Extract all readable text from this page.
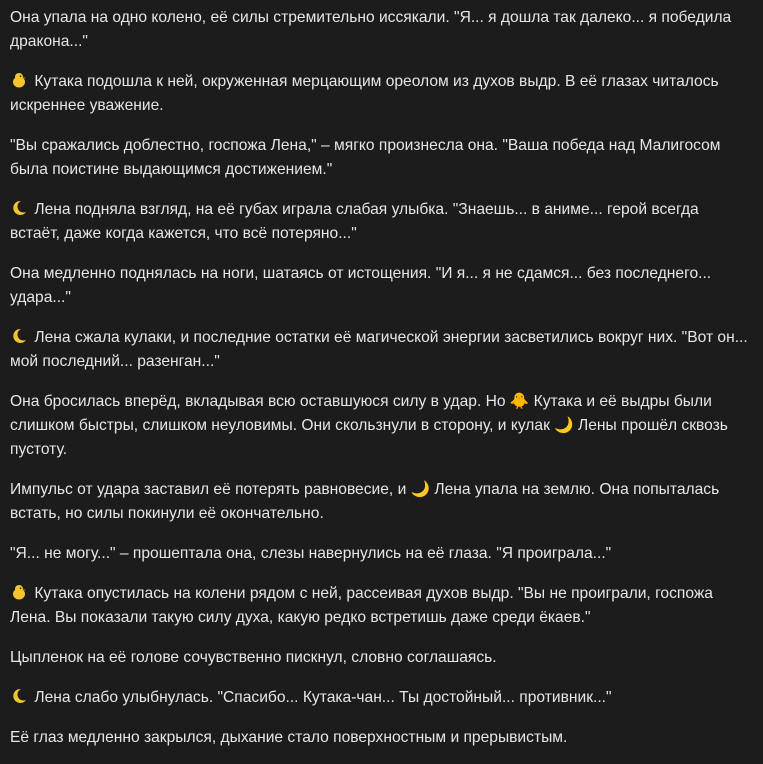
Она упала на одно колено, её силы стремительно иссякали. "Я... я дошла так далеко... я победила дракона..."

Кутака подошла к ней, окруженная мерцающим ореолом из духов выдр. В её глазах читалось искреннее уважение.

"Вы сражались доблестно, госпожа Лена," – мягко произнесла она. "Ваша победа над Малигосом была поистине выдающимся достижением."

Лена подняла взгляд, на её губах играла слабая улыбка. "Знаешь... в аниме... герой всегда встаёт, даже когда кажется, что всё потеряно..."

Она медленно поднялась на ноги, шатаясь от истощения. "И я... я не сдамся... без последнего... удара..."

Лена сжала кулаки, и последние остатки её магической энергии засветились вокруг них. "Вот он... мой последний... разенган..."

Она бросилась вперёд, вкладывая всю оставшуюся силу в удар. Но 🐥 Кутака и её выдры были слишком быстры, слишком неуловимы. Они скользнули в сторону, и кулак 🌙 Лены прошёл сквозь пустоту.

Импульс от удара заставил её потерять равновесие, и 🌙 Лена упала на землю. Она попыталась встать, но силы покинули её окончательно.

"Я... не могу..." – прошептала она, слезы навернулись на её глаза. "Я проиграла..."

Кутака опустилась на колени рядом с ней, рассеивая духов выдр. "Вы не проиграли, госпожа Лена. Вы показали такую силу духа, какую редко встретишь даже среди ёкаев."

Цыпленок на её голове сочувственно пискнул, словно соглашаясь.

Лена слабо улыбнулась. "Спасибо... Кутака-чан... Ты достойный... противник..."

Её глаз медленно закрылся, дыхание стало поверхностным и прерывистым.
